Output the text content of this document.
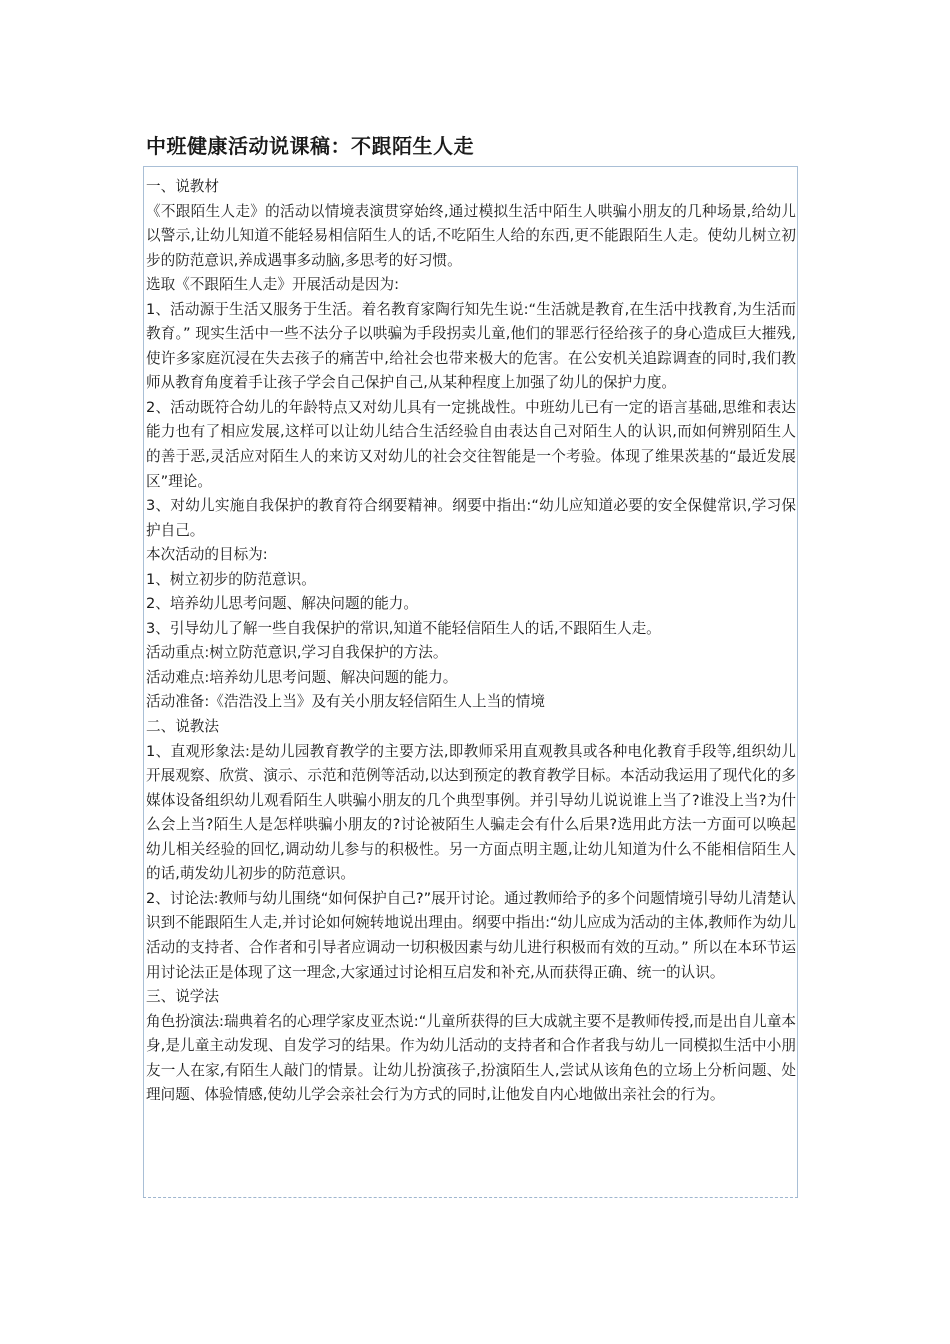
中班健康活动说课稿：不跟陌生人走

一、说教材

《不跟陌生人走》的活动以情境表演贯穿始终,通过模拟生活中陌生人哄骗小朋友的几种场景,给幼儿以警示,让幼儿知道不能轻易相信陌生人的话,不吃陌生人给的东西,更不能跟陌生人走。使幼儿树立初步的防范意识,养成遇事多动脑,多思考的好习惯。

选取《不跟陌生人走》开展活动是因为:

1、活动源于生活又服务于生活。着名教育家陶行知先生说:“生活就是教育,在生活中找教育,为生活而教育。” 现实生活中一些不法分子以哄骗为手段拐卖儿童,他们的罪恶行径给孩子的身心造成巨大摧残,使许多家庭沉浸在失去孩子的痛苦中,给社会也带来极大的危害。在公安机关追踪调查的同时,我们教师从教育角度着手让孩子学会自己保护自己,从某种程度上加强了幼儿的保护力度。

2、活动既符合幼儿的年龄特点又对幼儿具有一定挑战性。中班幼儿已有一定的语言基础,思维和表达能力也有了相应发展,这样可以让幼儿结合生活经验自由表达自己对陌生人的认识,而如何辨别陌生人的善于恶,灵活应对陌生人的来访又对幼儿的社会交往智能是一个考验。体现了维果茨基的“最近发展区”理论。

3、对幼儿实施自我保护的教育符合纲要精神。纲要中指出:“幼儿应知道必要的安全保健常识,学习保护自己。

本次活动的目标为:

1、树立初步的防范意识。

2、培养幼儿思考问题、解决问题的能力。

3、引导幼儿了解一些自我保护的常识,知道不能轻信陌生人的话,不跟陌生人走。

活动重点:树立防范意识,学习自我保护的方法。

活动难点:培养幼儿思考问题、解决问题的能力。

活动准备:《浩浩没上当》及有关小朋友轻信陌生人上当的情境

二、说教法

1、直观形象法:是幼儿园教育教学的主要方法,即教师采用直观教具或各种电化教育手段等,组织幼儿开展观察、欣赏、演示、示范和范例等活动,以达到预定的教育教学目标。本活动我运用了现代化的多媒体设备组织幼儿观看陌生人哄骗小朋友的几个典型事例。并引导幼儿说说谁上当了?谁没上当?为什么会上当?陌生人是怎样哄骗小朋友的?讨论被陌生人骗走会有什么后果?选用此方法一方面可以唤起幼儿相关经验的回忆,调动幼儿参与的积极性。另一方面点明主题,让幼儿知道为什么不能相信陌生人的话,萌发幼儿初步的防范意识。

2、讨论法:教师与幼儿围绕“如何保护自己?”展开讨论。通过教师给予的多个问题情境引导幼儿清楚认识到不能跟陌生人走,并讨论如何婉转地说出理由。纲要中指出:“幼儿应成为活动的主体,教师作为幼儿活动的支持者、合作者和引导者应调动一切积极因素与幼儿进行积极而有效的互动。” 所以在本环节运用讨论法正是体现了这一理念,大家通过讨论相互启发和补充,从而获得正确、统一的认识。

三、说学法

角色扮演法:瑞典着名的心理学家皮亚杰说:“儿童所获得的巨大成就主要不是教师传授,而是出自儿童本身,是儿童主动发现、自发学习的结果。作为幼儿活动的支持者和合作者我与幼儿一同模拟生活中小朋友一人在家,有陌生人敲门的情景。让幼儿扮演孩子,扮演陌生人,尝试从该角色的立场上分析问题、处理问题、体验情感,使幼儿学会亲社会行为方式的同时,让他发自内心地做出亲社会的行为。
